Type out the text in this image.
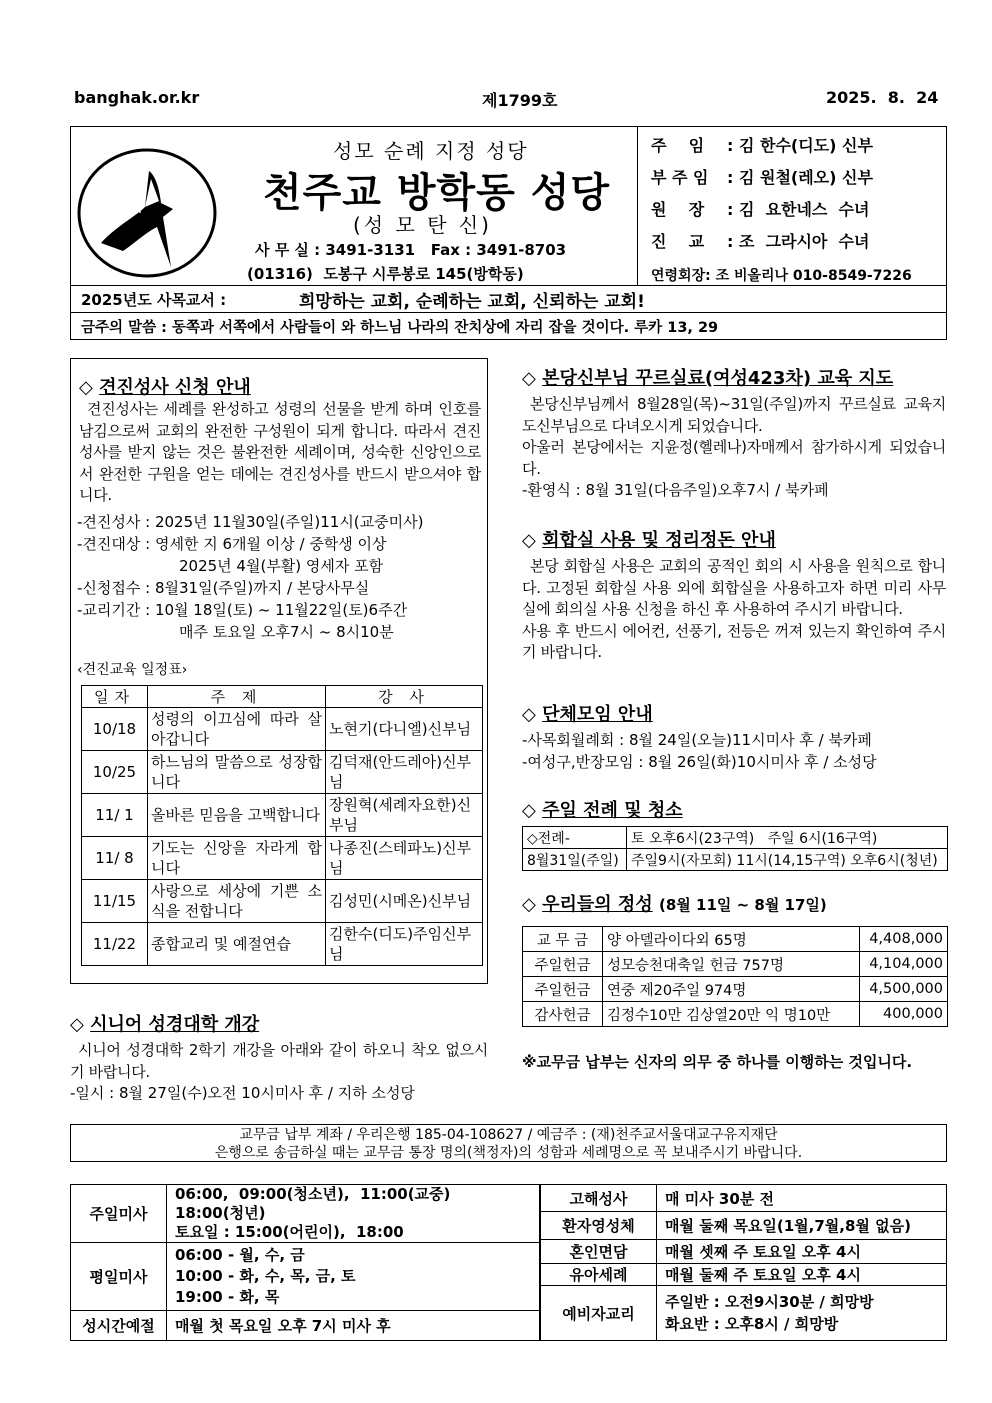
banghak.or.kr	제1799호	2025.  8.  24
성모 순례 지정 성당
천주교 방학동 성당
(성 모 탄 신)
사 무 실 : 3491-3131   Fax : 3491-8703
(01316)  도봉구 시루봉로 145(방학동)
주    임	: 김 한수(디도) 신부
부 주 임	: 김 원철(레오) 신부
원    장	: 김  요한네스  수녀
진    교	: 조  그라시아  수녀
연령회장: 조 비올리나 010-8549-7226
2025년도 사목교서 :	희망하는 교회, 순례하는 교회, 신뢰하는 교회!
금주의 말씀 : 동쪽과 서쪽에서 사람들이 와 하느님 나라의 잔치상에 자리 잡을 것이다. 루카 13, 29
◇ 견진성사 신청 안내
견진성사는 세례를 완성하고 성령의 선물을 받게 하며 인호를 남김으로써 교회의 완전한 구성원이 되게 합니다. 따라서 견진성사를 받지 않는 것은 불완전한 세례이며, 성숙한 신앙인으로서 완전한 구원을 얻는 데에는 견진성사를 반드시 받으셔야 합니다.
-견진성사 : 2025년 11월30일(주일)11시(교중미사)
-견진대상 : 영세한 지 6개월 이상 / 중학생 이상
2025년 4월(부활) 영세자 포함
-신청접수 : 8월31일(주일)까지 / 본당사무실
-교리기간 : 10월 18일(토) ~ 11월22일(토)6주간
매주 토요일 오후7시 ~ 8시10분
‹견진교육 일정표›
일자	주 제	강 사
10/18	성령의 이끄심에 따라 살아갑니다	노현기(다니엘)신부님
10/25	하느님의 말씀으로 성장합니다	김덕재(안드레아)신부님
11/ 1	올바른 믿음을 고백합니다	장원혁(세례자요한)신부님
11/ 8	기도는 신앙을 자라게 합니다	나종진(스테파노)신부님
11/15	사랑으로 세상에 기쁜 소식을 전합니다	김성민(시메온)신부님
11/22	종합교리 및 예절연습	김한수(디도)주임신부님
◇ 시니어 성경대학 개강
시니어 성경대학 2학기 개강을 아래와 같이 하오니 착오 없으시기 바랍니다.
-일시 : 8월 27일(수)오전 10시미사 후 / 지하 소성당
◇ 본당신부님 꾸르실료(여성423차) 교육 지도
본당신부님께서 8월28일(목)~31일(주일)까지 꾸르실료 교육지도신부님으로 다녀오시게 되었습니다.
아울러 본당에서는 지윤정(헬레나)자매께서 참가하시게 되었습니다.
-환영식 : 8월 31일(다음주일)오후7시 / 북카페
◇ 회합실 사용 및 정리정돈 안내
본당 회합실 사용은 교회의 공적인 회의 시 사용을 원칙으로 합니다. 고정된 회합실 사용 외에 회합실을 사용하고자 하면 미리 사무실에 회의실 사용 신청을 하신 후 사용하여 주시기 바랍니다.
사용 후 반드시 에어컨, 선풍기, 전등은 꺼져 있는지 확인하여 주시기 바랍니다.
◇ 단체모임 안내
-사목회월례회 : 8월 24일(오늘)11시미사 후 / 북카페
-여성구,반장모임 : 8월 26일(화)10시미사 후 / 소성당
◇ 주일 전례 및 청소
◇전례-	토 오후6시(23구역)   주일 6시(16구역)
8월31일(주일)	주일9시(자모회) 11시(14,15구역) 오후6시(청년)
◇ 우리들의 정성 (8월 11일 ~ 8월 17일)
교 무 금	양 아델라이다외 65명	4,408,000
주일헌금	성모승천대축일 헌금 757명	4,104,000
주일헌금	연중 제20주일 974명	4,500,000
감사헌금	김정수10만 김상열20만 익 명10만	400,000
※교무금 납부는 신자의 의무 중 하나를 이행하는 것입니다.
교무금 납부 계좌 / 우리은행 185-04-108627 / 예금주 : (재)천주교서울대교구유지재단
은행으로 송금하실 때는 교무금 통장 명의(책정자)의 성함과 세례명으로 꼭 보내주시기 바랍니다.
주일미사	06:00,  09:00(청소년),  11:00(교중)
18:00(청년)
토요일 : 15:00(어린이),  18:00

평일미사	06:00 - 월, 수, 금
10:00 - 화, 수, 목, 금, 토
19:00 - 화, 목

성시간예절	매월 첫 목요일 오후 7시 미사 후
고해성사	매 미사 30분 전
환자영성체	매월 둘째 목요일(1월,7월,8월 없음)
혼인면담	매월 셋째 주 토요일 오후 4시
유아세례	매월 둘째 주 토요일 오후 4시
예비자교리	주일반 : 오전9시30분 / 희망방
화요반 : 오후8시 / 희망방
